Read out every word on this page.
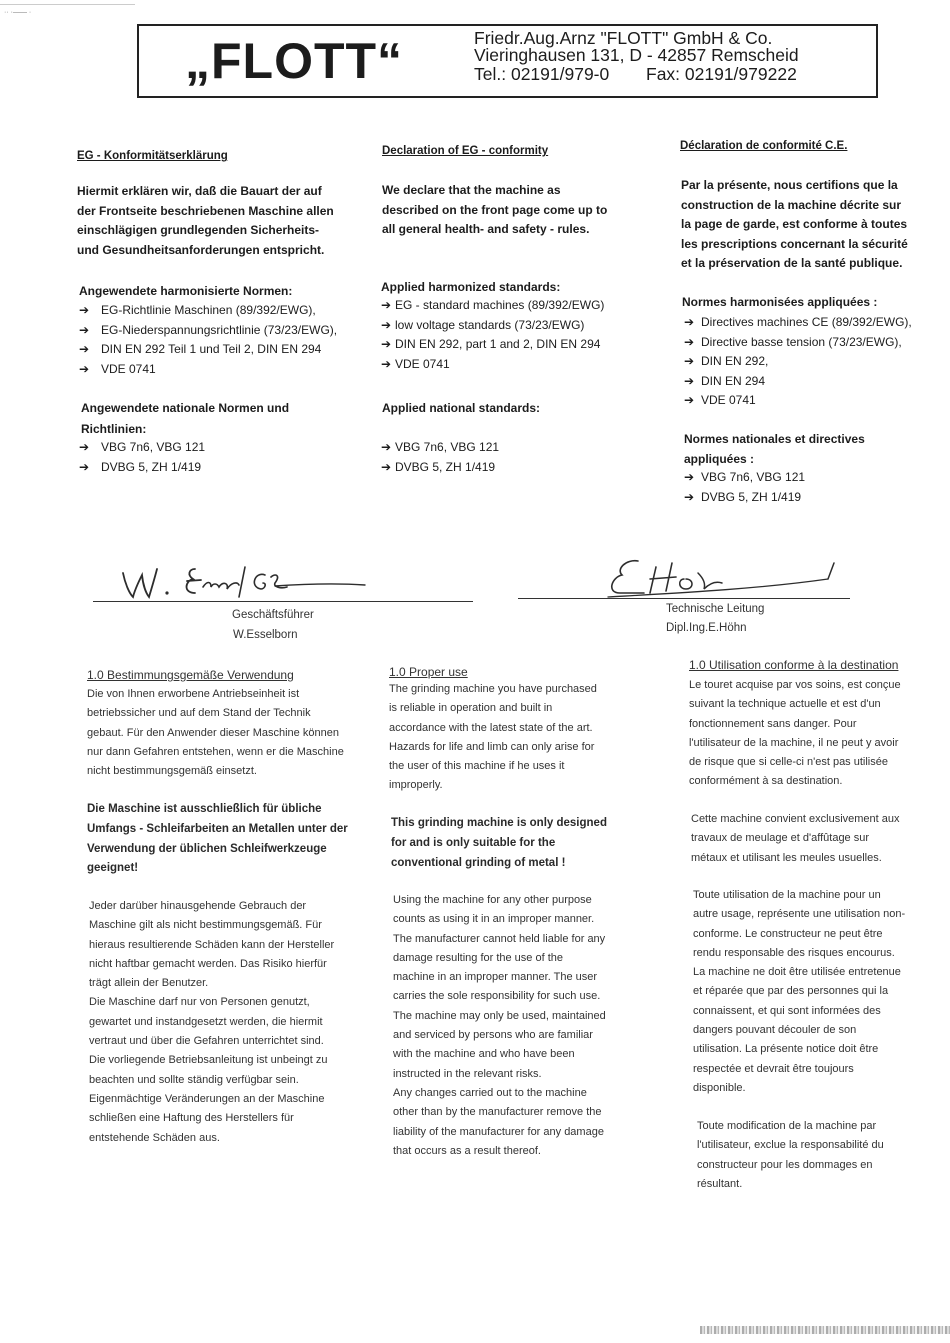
·· ·—— ·
„FLOTT“	Friedr.Aug.Arnz "FLOTT" GmbH & Co.
Vieringhausen 131, D - 42857 Remscheid
Tel.: 02191/979-0 Fax: 02191/979222
EG - Konformitätserklärung
Hiermit erklären wir, daß die Bauart der auf
der Frontseite beschriebenen Maschine allen
einschlägigen grundlegenden Sicherheits-
und Gesundheitsanforderungen entspricht.
Angewendete harmonisierte Normen:
➔ EG-Richtlinie Maschinen (89/392/EWG),
➔ EG-Niederspannungsrichtlinie (73/23/EWG),
➔ DIN EN 292 Teil 1 und Teil 2, DIN EN 294
➔ VDE 0741
Angewendete nationale Normen und
Richtlinien:
➔ VBG 7n6, VBG 121
➔ DVBG 5, ZH 1/419
Declaration of EG - conformity
We declare that the machine as
described on the front page come up to
all general health- and safety - rules.
Applied harmonized standards:
➔ EG - standard machines (89/392/EWG)
➔ low voltage standards (73/23/EWG)
➔ DIN EN 292, part 1 and 2, DIN EN 294
➔ VDE 0741
Applied national standards:
➔ VBG 7n6, VBG 121
➔ DVBG 5, ZH 1/419
Déclaration de conformité C.E.
Par la présente, nous certifions que la
construction de la machine décrite sur
la page de garde, est conforme à toutes
les prescriptions concernant la sécurité
et la préservation de la santé publique.
Normes harmonisées appliquées :
➔ Directives machines CE (89/392/EWG),
➔ Directive basse tension (73/23/EWG),
➔ DIN EN 292,
➔ DIN EN 294
➔ VDE 0741
Normes nationales et directives
appliquées :
➔ VBG 7n6, VBG 121
➔ DVBG 5, ZH 1/419
Geschäftsführer
W.Esselborn
Technische Leitung
Dipl.Ing.E.Höhn
1.0 Bestimmungsgemäße Verwendung
Die von Ihnen erworbene Antriebseinheit ist
betriebssicher und auf dem Stand der Technik
gebaut. Für den Anwender dieser Maschine können
nur dann Gefahren entstehen, wenn er die Maschine
nicht bestimmungsgemäß einsetzt.
Die Maschine ist ausschließlich für übliche
Umfangs - Schleifarbeiten an Metallen unter der
Verwendung der üblichen Schleifwerkzeuge
geeignet!
Jeder darüber hinausgehende Gebrauch der
Maschine gilt als nicht bestimmungsgemäß. Für
hieraus resultierende Schäden kann der Hersteller
nicht haftbar gemacht werden. Das Risiko hierfür
trägt allein der Benutzer.
Die Maschine darf nur von Personen genutzt,
gewartet und instandgesetzt werden, die hiermit
vertraut und über die Gefahren unterrichtet sind.
Die vorliegende Betriebsanleitung ist unbeingt zu
beachten und sollte ständig verfügbar sein.
Eigenmächtige Veränderungen an der Maschine
schließen eine Haftung des Herstellers für
entstehende Schäden aus.
1.0 Proper use
The grinding machine you have purchased
is reliable in operation and built in
accordance with the latest state of the art.
Hazards for life and limb can only arise for
the user of this machine if he uses it
improperly.
This grinding machine is only designed
for and is only suitable for the
conventional grinding of metal !
Using the machine for any other purpose
counts as using it in an improper manner.
The manufacturer cannot held liable for any
damage resulting for the use of the
machine in an improper manner. The user
carries the sole responsibility for such use.
The machine may only be used, maintained
and serviced by persons who are familiar
with the machine and who have been
instructed in the relevant risks.
Any changes carried out to the machine
other than by the manufacturer remove the
liability of the manufacturer for any damage
that occurs as a result thereof.
1.0 Utilisation conforme à la destination
Le touret acquise par vos soins, est conçue
suivant la technique actuelle et est d'un
fonctionnement sans danger. Pour
l'utilisateur de la machine, il ne peut y avoir
de risque que si celle-ci n'est pas utilisée
conformément à sa destination.
Cette machine convient exclusivement aux
travaux de meulage et d'affûtage sur
métaux et utilisant les meules usuelles.
Toute utilisation de la machine pour un
autre usage, représente une utilisation non-
conforme. Le constructeur ne peut être
rendu responsable des risques encourus.
La machine ne doit être utilisée entretenue
et réparée que par des personnes qui la
connaissent, et qui sont informées des
dangers pouvant découler de son
utilisation. La présente notice doit être
respectée et devrait être toujours
disponible.
Toute modification de la machine par
l'utilisateur, exclue la responsabilité du
constructeur pour les dommages en
résultant.
